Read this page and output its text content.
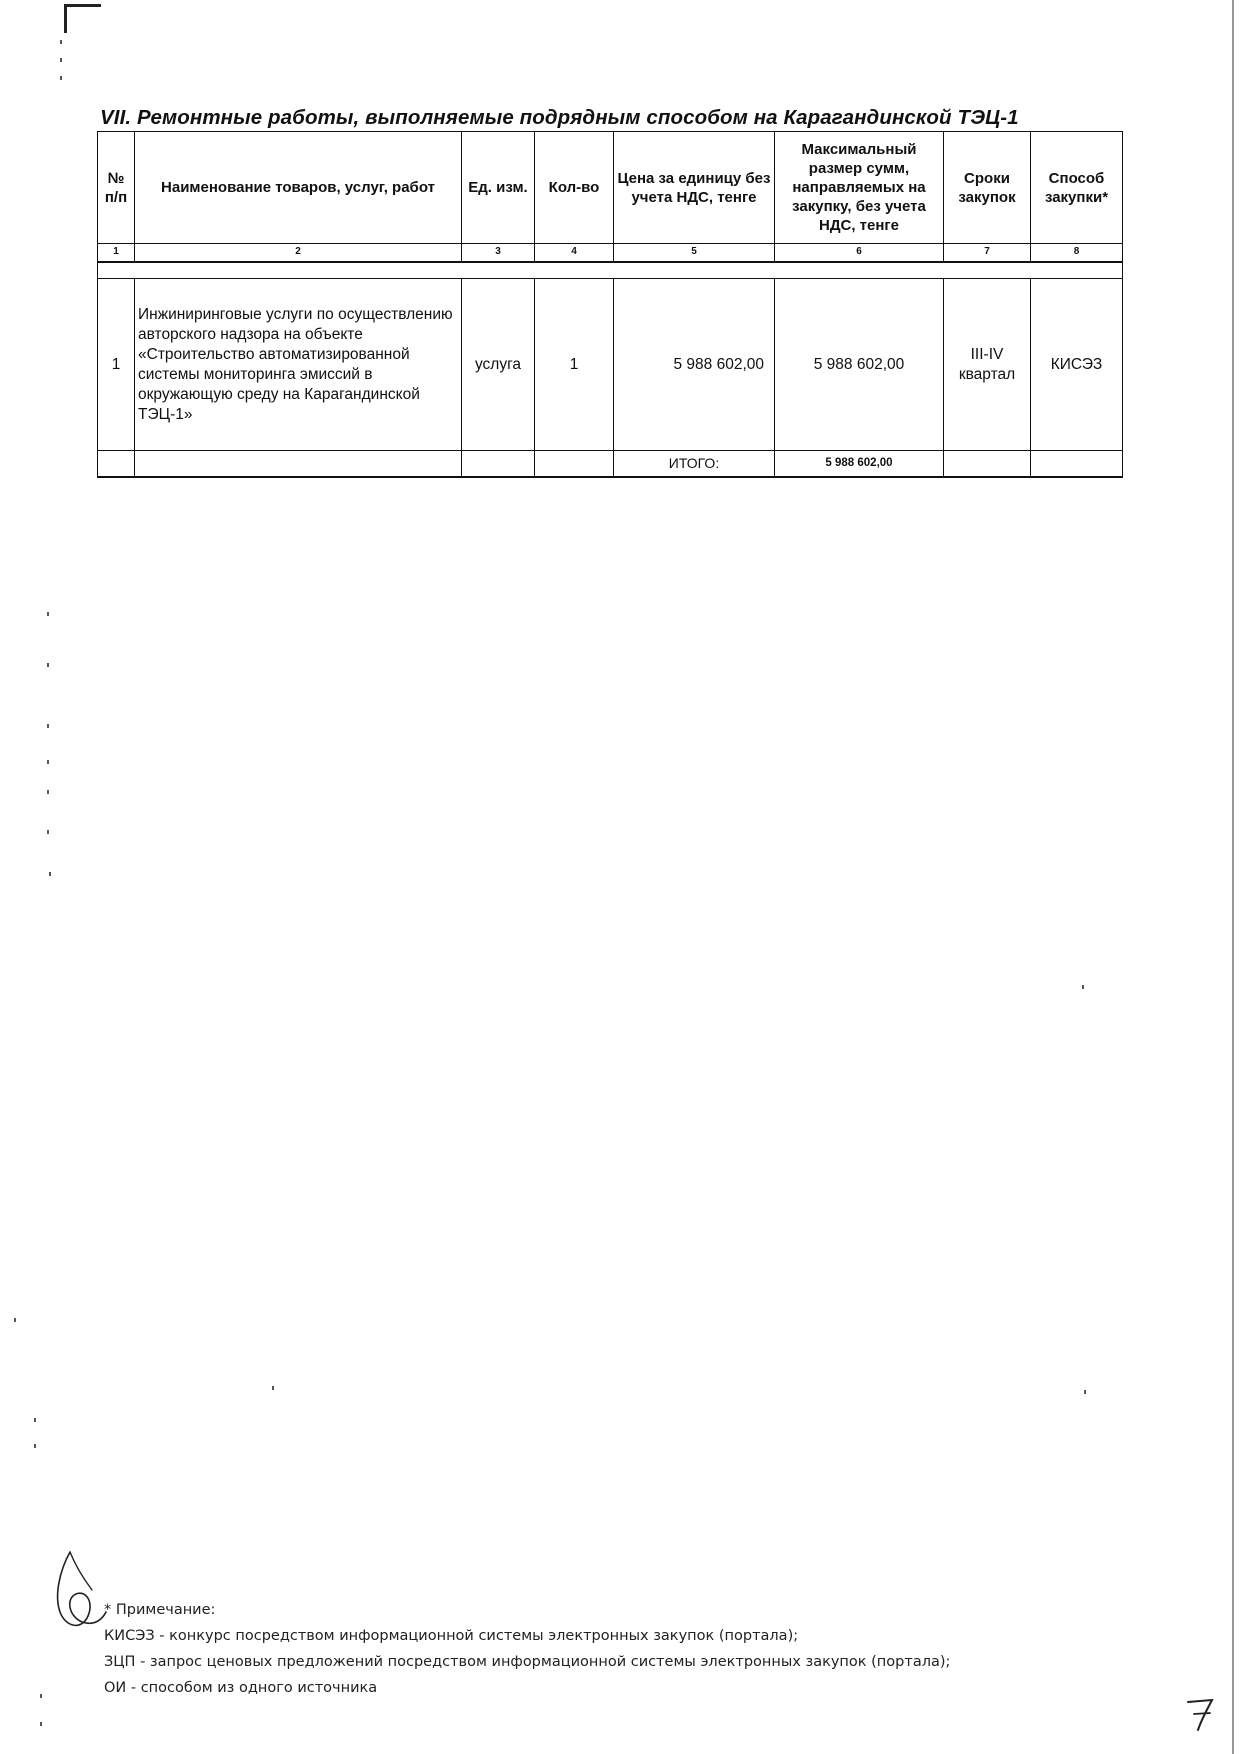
VII. Ремонтные работы, выполняемые подрядным способом на Карагандинской ТЭЦ-1
№ п/п	Наименование товаров, услуг, работ	Ед. изм.	Кол-во	Цена за единицу без учета НДС, тенге	Максимальный размер сумм, направляемых на закупку, без учета НДС, тенге	Сроки закупок	Способ закупки*
1	2	3	4	5	6	7	8

1	Инжиниринговые услуги по осуществлению авторского надзора на объекте «Строительство автоматизированной системы мониторинга эмиссий в окружающую среду на Карагандинской ТЭЦ-1»	услуга	1	5 988 602,00	5 988 602,00	III-IV квартал	КИСЭЗ
				ИТОГО:	5 988 602,00		
* Примечание:
КИСЭЗ - конкурс посредством информационной системы электронных закупок (портала);
ЗЦП - запрос ценовых предложений посредством информационной системы электронных закупок (портала);
ОИ - способом из одного источника
